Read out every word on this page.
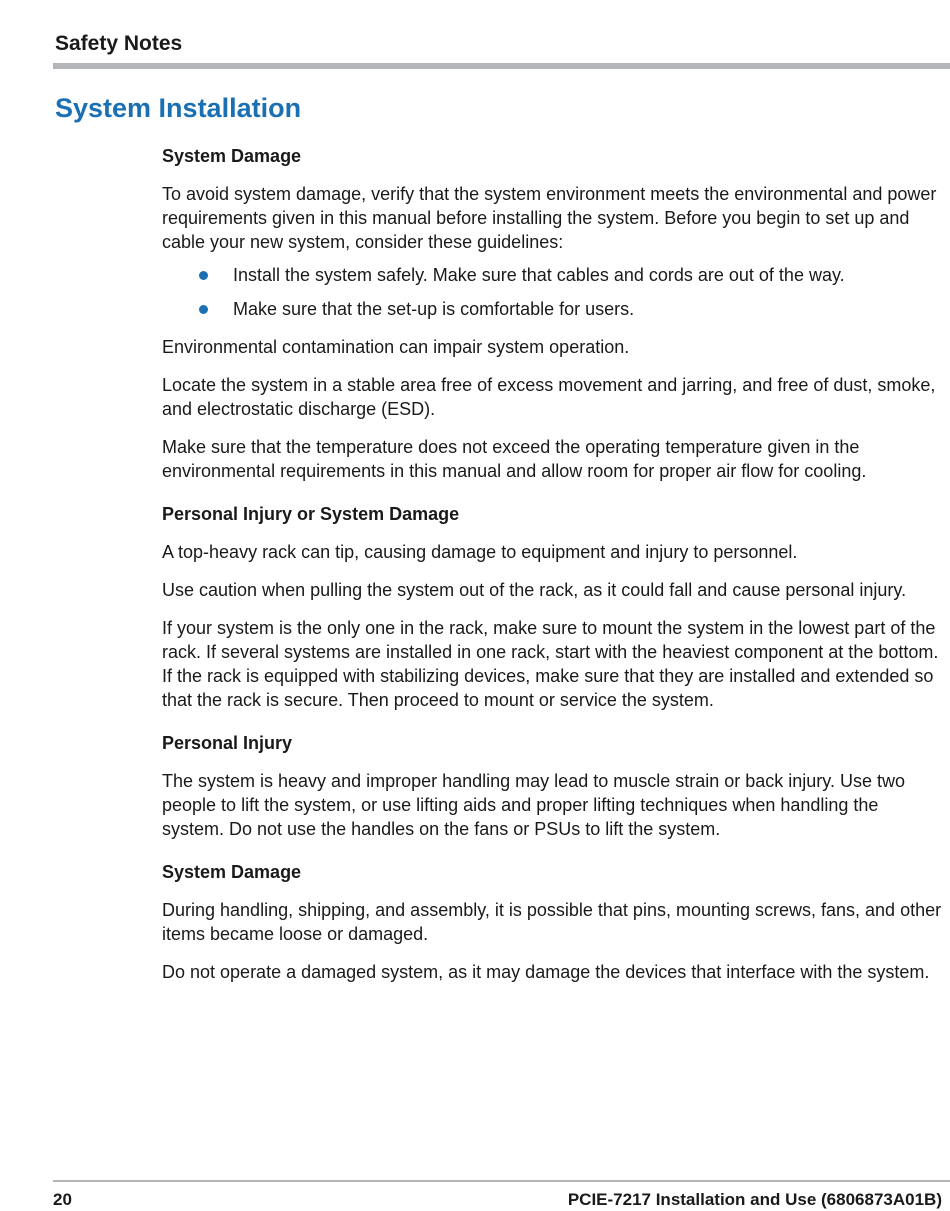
Safety Notes
System Installation
System Damage

To avoid system damage, verify that the system environment meets the environmental and power requirements given in this manual before installing the system. Before you begin to set up and cable your new system, consider these guidelines:

Install the system safely. Make sure that cables and cords are out of the way.
Make sure that the set-up is comfortable for users.

Environmental contamination can impair system operation.

Locate the system in a stable area free of excess movement and jarring, and free of dust, smoke, and electrostatic discharge (ESD).

Make sure that the temperature does not exceed the operating temperature given in the environmental requirements in this manual and allow room for proper air flow for cooling.

Personal Injury or System Damage

A top-heavy rack can tip, causing damage to equipment and injury to personnel.

Use caution when pulling the system out of the rack, as it could fall and cause personal injury.

If your system is the only one in the rack, make sure to mount the system in the lowest part of the rack. If several systems are installed in one rack, start with the heaviest component at the bottom. If the rack is equipped with stabilizing devices, make sure that they are installed and extended so that the rack is secure. Then proceed to mount or service the system.

Personal Injury

The system is heavy and improper handling may lead to muscle strain or back injury. Use two people to lift the system, or use lifting aids and proper lifting techniques when handling the system. Do not use the handles on the fans or PSUs to lift the system.

System Damage

During handling, shipping, and assembly, it is possible that pins, mounting screws, fans, and other items became loose or damaged.

Do not operate a damaged system, as it may damage the devices that interface with the system.

20	PCIE-7217 Installation and Use (6806873A01B)
